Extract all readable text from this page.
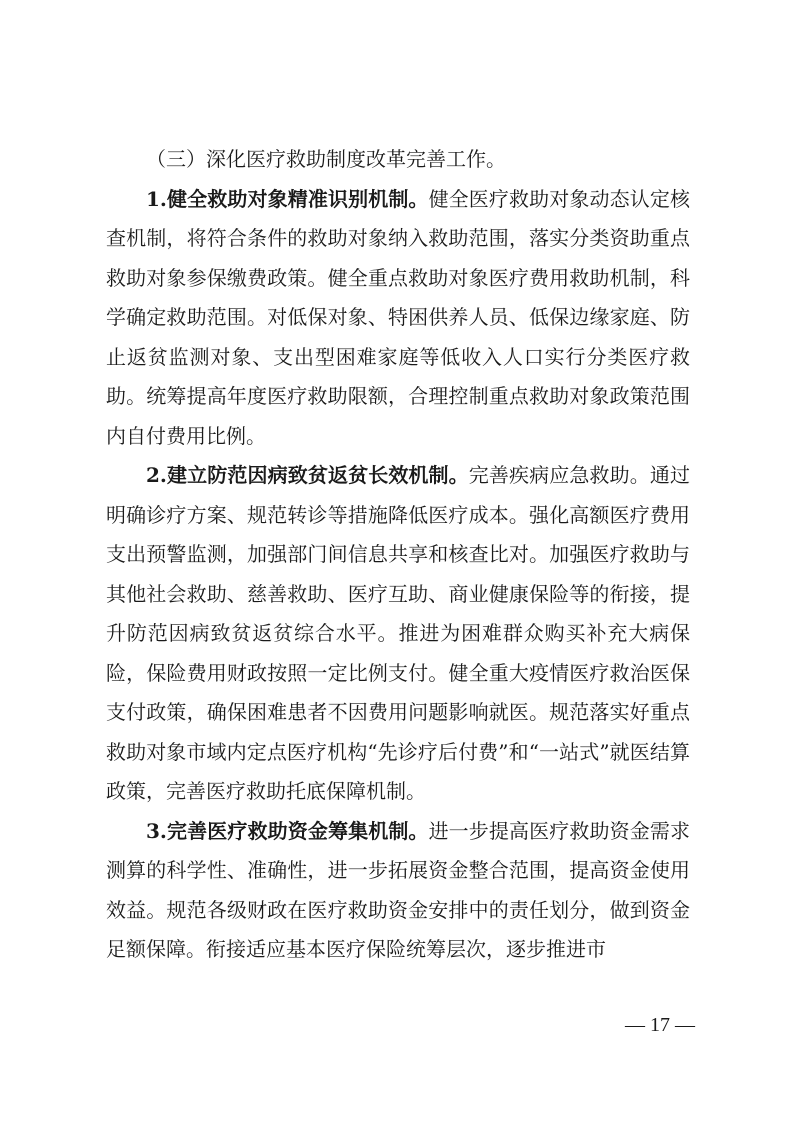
（三）深化医疗救助制度改革完善工作。

1.健全救助对象精准识别机制。健全医疗救助对象动态认定核查机制，将符合条件的救助对象纳入救助范围，落实分类资助重点救助对象参保缴费政策。健全重点救助对象医疗费用救助机制，科学确定救助范围。对低保对象、特困供养人员、低保边缘家庭、防止返贫监测对象、支出型困难家庭等低收入人口实行分类医疗救助。统筹提高年度医疗救助限额，合理控制重点救助对象政策范围内自付费用比例。

2.建立防范因病致贫返贫长效机制。完善疾病应急救助。通过明确诊疗方案、规范转诊等措施降低医疗成本。强化高额医疗费用支出预警监测，加强部门间信息共享和核查比对。加强医疗救助与其他社会救助、慈善救助、医疗互助、商业健康保险等的衔接，提升防范因病致贫返贫综合水平。推进为困难群众购买补充大病保险，保险费用财政按照一定比例支付。健全重大疫情医疗救治医保支付政策，确保困难患者不因费用问题影响就医。规范落实好重点救助对象市域内定点医疗机构“先诊疗后付费”和“一站式”就医结算政策，完善医疗救助托底保障机制。

3.完善医疗救助资金筹集机制。进一步提高医疗救助资金需求测算的科学性、准确性，进一步拓展资金整合范围，提高资金使用效益。规范各级财政在医疗救助资金安排中的责任划分，做到资金足额保障。衔接适应基本医疗保险统筹层次，逐步推进市

— 17 —
